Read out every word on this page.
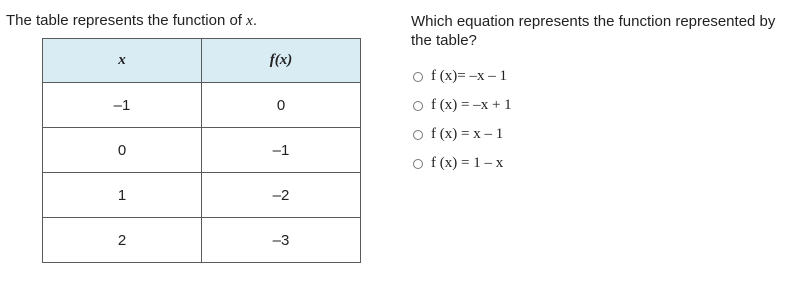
The table represents the function of x.
x	f(x)
–1	0
0	–1
1	–2
2	–3
Which equation represents the function represented by the table?
f (x)= –x – 1
f (x) = –x + 1
f (x) = x – 1
f (x) = 1 – x
